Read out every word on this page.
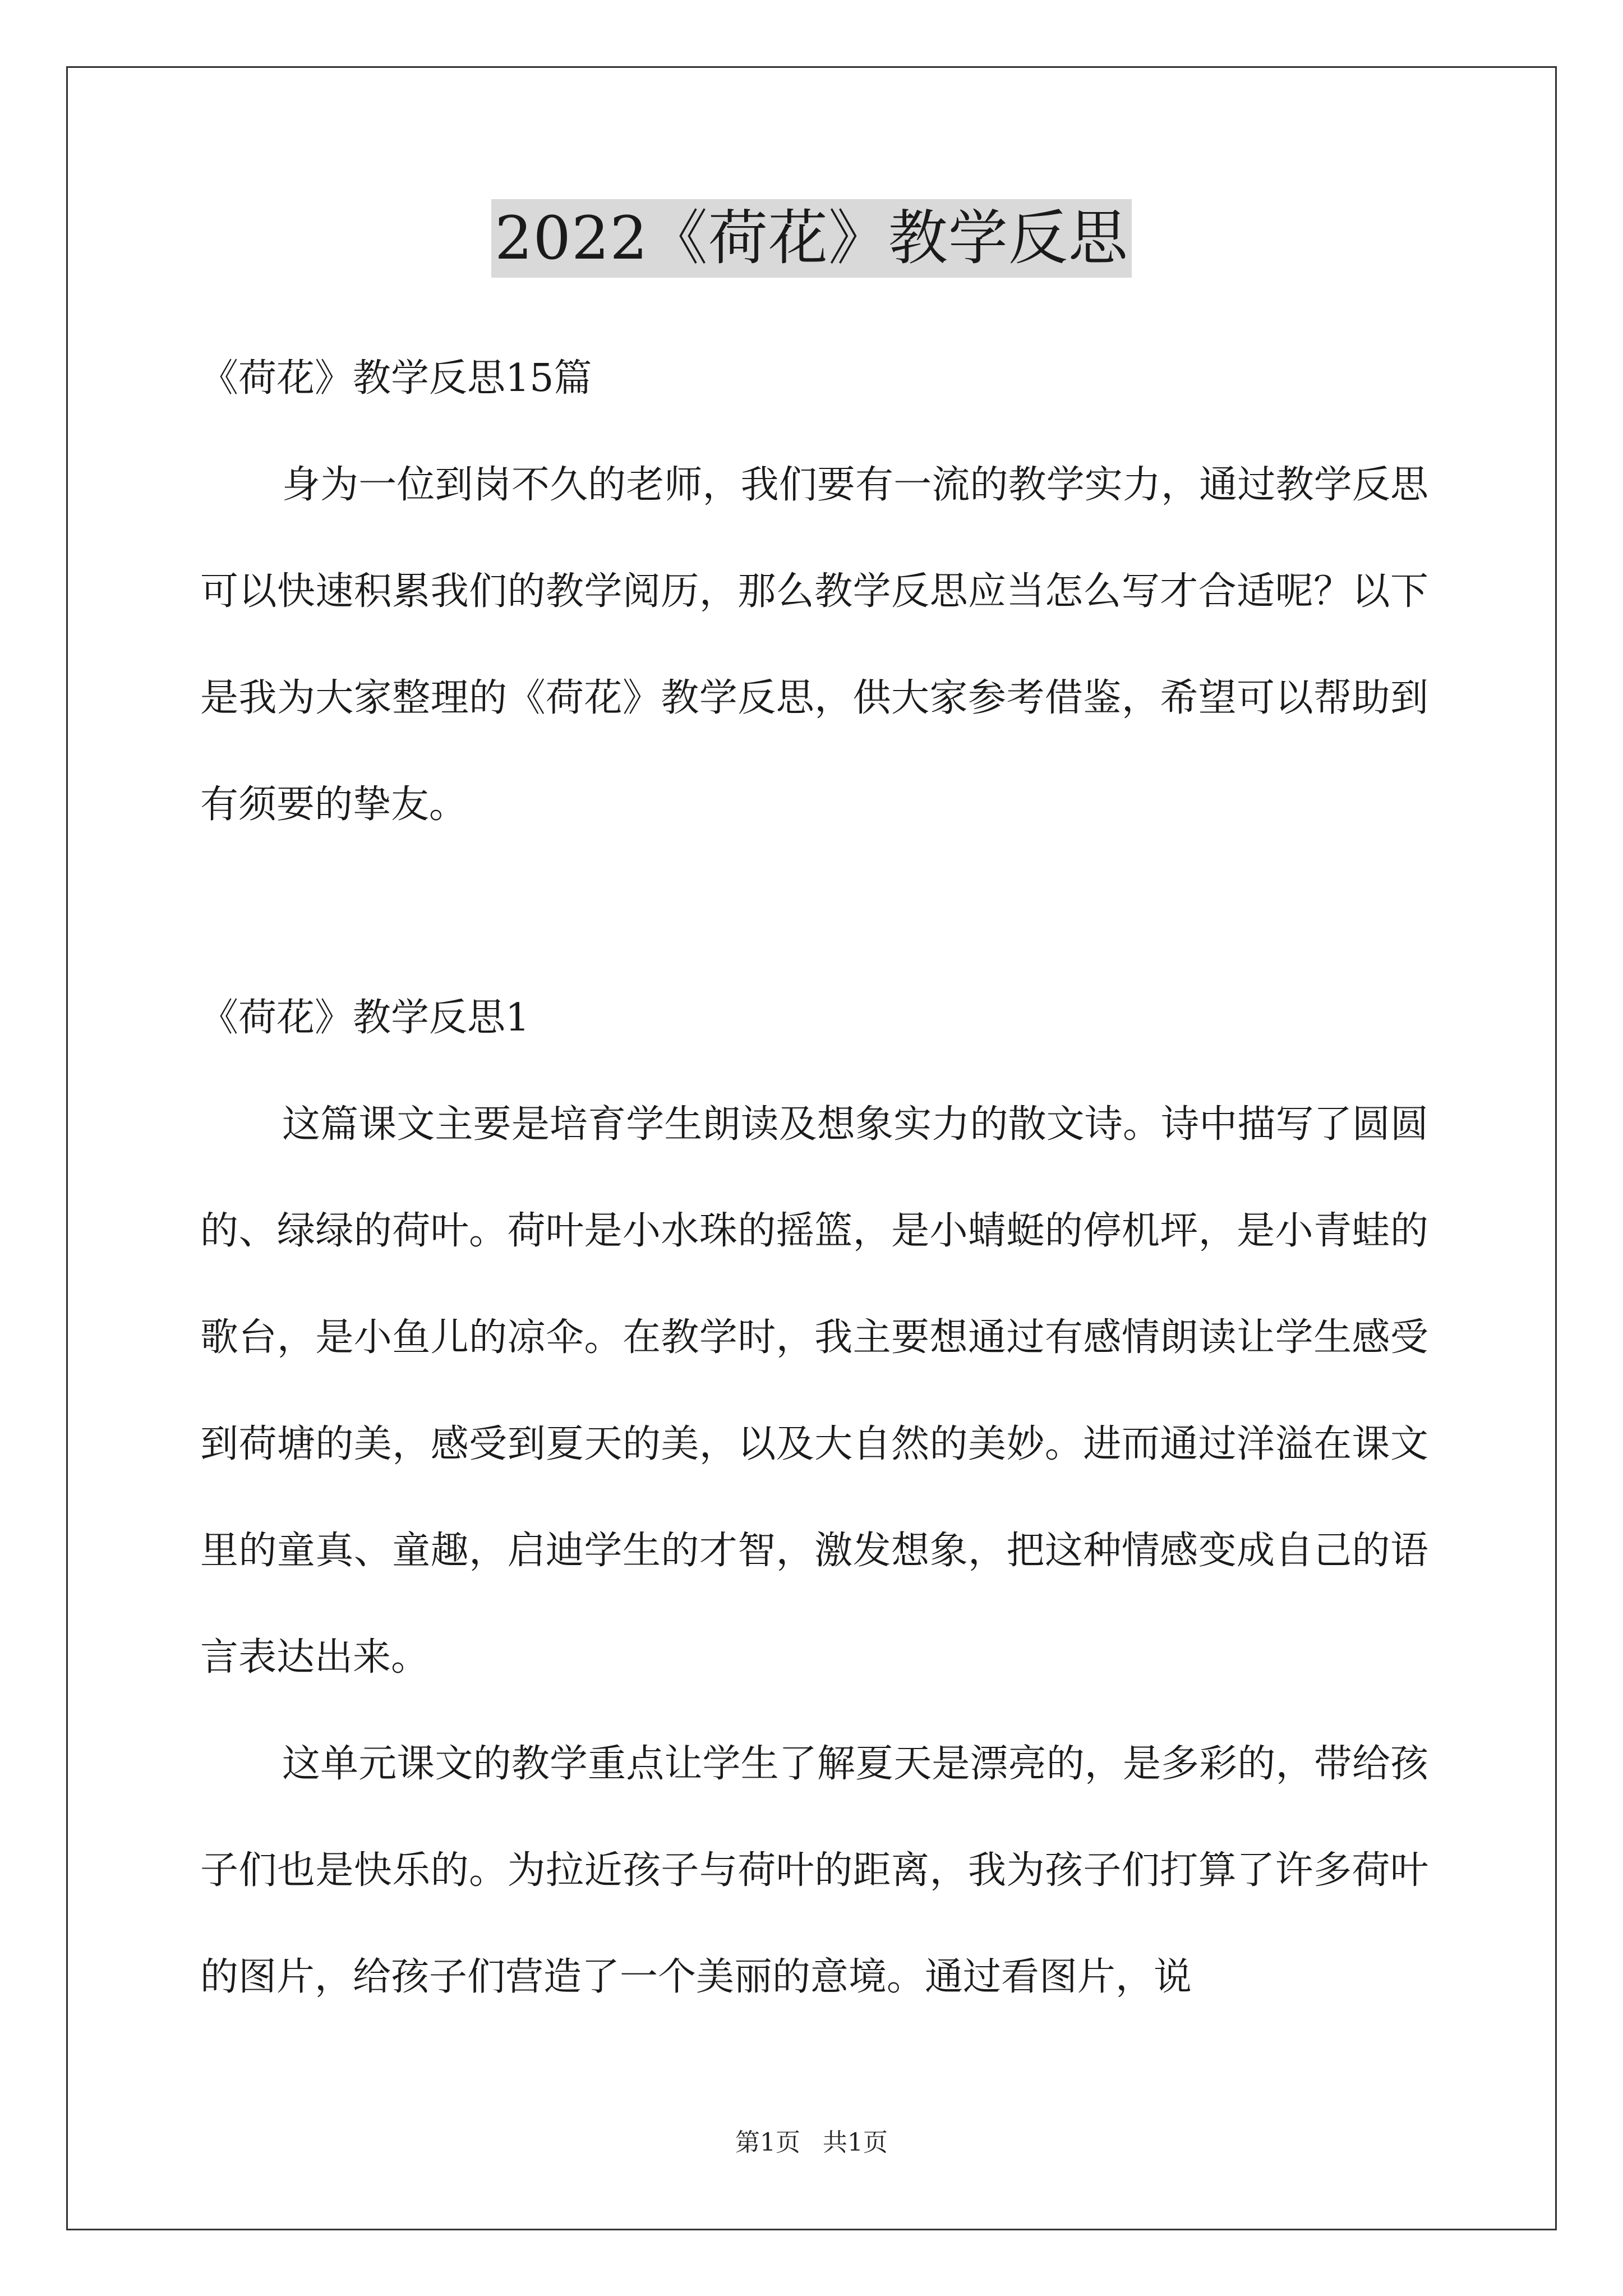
2022《荷花》教学反思

《荷花》教学反思15篇

身为一位到岗不久的老师，我们要有一流的教学实力，通过教学反思可以快速积累我们的教学阅历，那么教学反思应当怎么写才合适呢？以下是我为大家整理的《荷花》教学反思，供大家参考借鉴，希望可以帮助到有须要的挚友。

《荷花》教学反思1

这篇课文主要是培育学生朗读及想象实力的散文诗。诗中描写了圆圆的、绿绿的荷叶。荷叶是小水珠的摇篮，是小蜻蜓的停机坪，是小青蛙的歌台，是小鱼儿的凉伞。在教学时，我主要想通过有感情朗读让学生感受到荷塘的美，感受到夏天的美，以及大自然的美妙。进而通过洋溢在课文里的童真、童趣，启迪学生的才智，激发想象，把这种情感变成自己的语言表达出来。

这单元课文的教学重点让学生了解夏天是漂亮的，是多彩的，带给孩子们也是快乐的。为拉近孩子与荷叶的距离，我为孩子们打算了许多荷叶的图片，给孩子们营造了一个美丽的意境。通过看图片，说

第1页 共1页
